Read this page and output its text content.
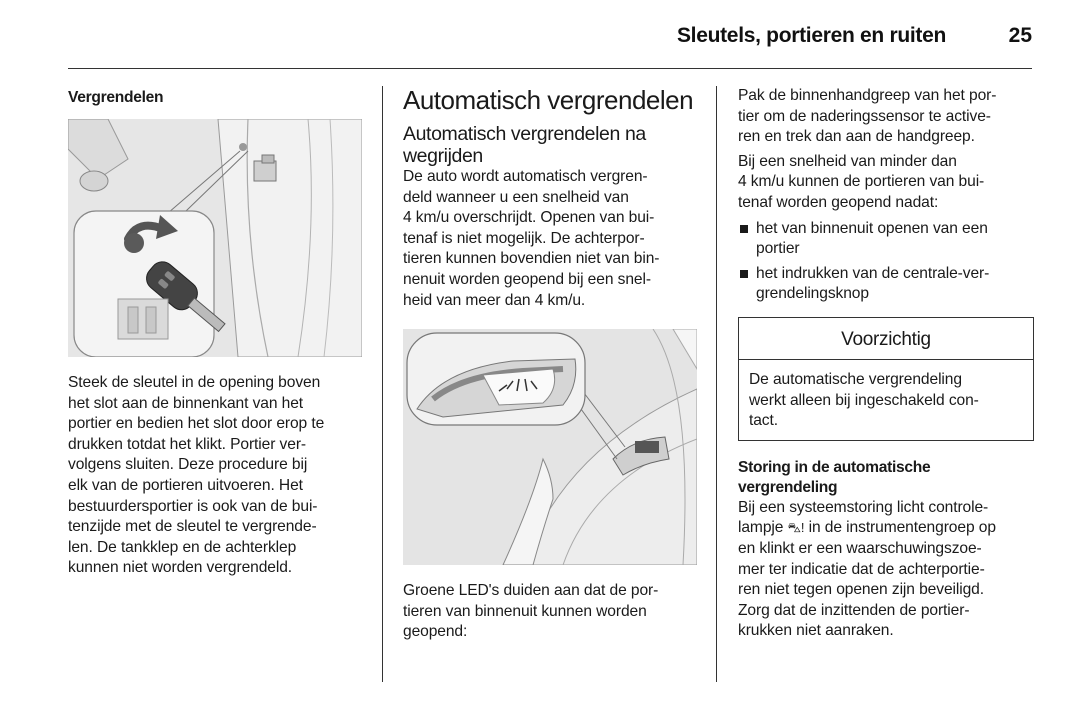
Sleutels, portieren en ruiten	25
Vergrendelen

Steek de sleutel in de opening boven
het slot aan de binnenkant van het
portier en bedien het slot door erop te
drukken totdat het klikt. Portier ver-
volgens sluiten. Deze procedure bij
elk van de portieren uitvoeren. Het
bestuurdersportier is ook van de bui-
tenzijde met de sleutel te vergrende-
len. De tankklep en de achterklep
kunnen niet worden vergrendeld.

Automatisch vergrendelen
Automatisch vergrendelen na
wegrijden

De auto wordt automatisch vergren-
deld wanneer u een snelheid van
4 km/u overschrijdt. Openen van bui-
tenaf is niet mogelijk. De achterpor-
tieren kunnen bovendien niet van bin-
nenuit worden geopend bij een snel-
heid van meer dan 4 km/u.

Groene LED's duiden aan dat de por-
tieren van binnenuit kunnen worden
geopend:

Pak de binnenhandgreep van het por-
tier om de naderingssensor te active-
ren en trek dan aan de handgreep.

Bij een snelheid van minder dan
4 km/u kunnen de portieren van bui-
tenaf worden geopend nadat:

het van binnenuit openen van een
portier
het indrukken van de centrale-ver-
grendelingsknop
Voorzichtig

De automatische vergrendeling
werkt alleen bij ingeschakeld con-
tact.

Storing in de automatische
vergrendeling

Bij een systeemstoring licht controle-
lampje ⛍! in de instrumentengroep op
en klinkt er een waarschuwingszoe-
mer ter indicatie dat de achterportie-
ren niet tegen openen zijn beveiligd.
Zorg dat de inzittenden de portier-
krukken niet aanraken.
